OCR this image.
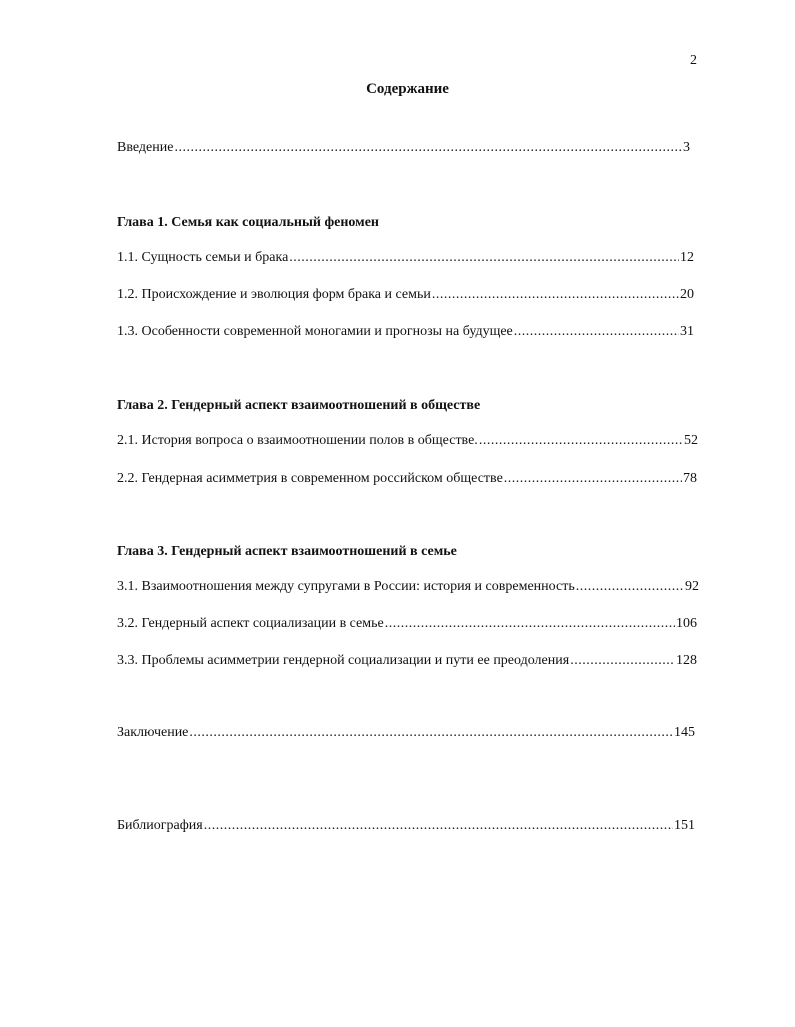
2
Содержание
Введение .....	3
Глава 1. Семья как социальный феномен
1.1. Сущность семьи и брака .....	12
1.2. Происхождение и эволюция форм брака и семьи .....	20
1.3. Особенности современной моногамии и прогнозы на будущее .....	31
Глава 2. Гендерный аспект взаимоотношений в обществе
2.1. История вопроса о взаимоотношении полов в обществе. .....	52
2.2. Гендерная асимметрия в современном российском обществе .....	78
Глава 3. Гендерный аспект взаимоотношений в семье
3.1. Взаимоотношения между супругами в России: история и современность .....	92
3.2. Гендерный аспект социализации в семье .....	106
3.3. Проблемы асимметрии гендерной социализации и пути ее преодоления .....	128
Заключение .....	145
Библиография .....	151
